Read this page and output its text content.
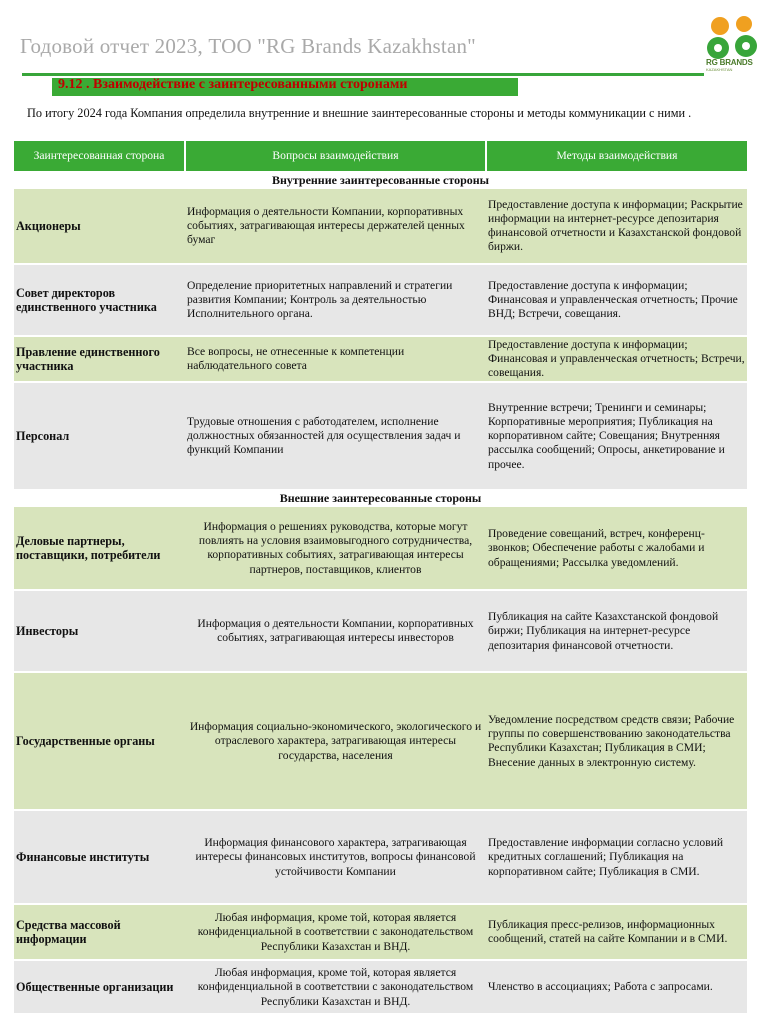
Годовой отчет 2023, ТОО "RG Brands Kazakhstan"
RG BRANDS
KAZAKHSTAN
9.12 . Взаимодействие с заинтересованными сторонами
По итогу 2024 года Компания определила внутренние и внешние заинтересованные стороны и методы коммуникации с ними .
Заинтересованная сторона	Вопросы взаимодействия	Методы взаимодействия
Внутренние заинтересованные стороны		
Акционеры	Информация о деятельности Компании, корпоративных событиях, затрагивающая интересы держателей ценных бумаг	Предоставление доступа к информации; Раскрытие информации на интернет-ресурсе депозитария финансовой отчетности и Казахстанской фондовой биржи.
Совет директоров единственного участника	Определение приоритетных направлений и стратегии развития Компании; Контроль за деятельностью Исполнительного органа.	Предоставление доступа к информации; Финансовая и управленческая отчетность; Прочие ВНД; Встречи, совещания.
Правление единственного участника	Все вопросы, не отнесенные к компетенции наблюдательного совета	Предоставление доступа к информации; Финансовая и управленческая отчетность; Встречи, совещания.
Персонал	Трудовые отношения с работодателем, исполнение должностных обязанностей для осуществления задач и функций Компании	Внутренние встречи; Тренинги и семинары; Корпоративные мероприятия; Публикация на корпоративном сайте; Совещания; Внутренняя рассылка сообщений; Опросы, анкетирование и прочее.
Внешние заинтересованные стороны		
Деловые партнеры, поставщики, потребители	Информация о решениях руководства, которые могут повлиять на условия взаимовыгодного сотрудничества, корпоративных событиях, затрагивающая интересы партнеров, поставщиков, клиентов	Проведение совещаний, встреч, конференц-звонков; Обеспечение работы с жалобами и обращениями; Рассылка уведомлений.
Инвесторы	Информация о деятельности Компании, корпоративных событиях, затрагивающая интересы инвесторов	Публикация на сайте Казахстанской фондовой биржи; Публикация на интернет-ресурсе депозитария финансовой отчетности.
Государственные органы	Информация социально-экономического, экологического и отраслевого характера, затрагивающая интересы государства, населения	Уведомление посредством средств связи; Рабочие группы по совершенствованию законодательства Республики Казахстан; Публикация в СМИ; Внесение данных в электронную систему.
Финансовые институты	Информация финансового характера, затрагивающая интересы финансовых институтов, вопросы финансовой устойчивости Компании	Предоставление информации согласно условий кредитных соглашений; Публикация на корпоративном сайте; Публикация в СМИ.
Средства массовой информации	Любая информация, кроме той, которая является конфиденциальной в соответствии с законодательством Республики Казахстан и ВНД.	Публикация пресс-релизов, информационных сообщений, статей на сайте Компании и в СМИ.
Общественные организации	Любая информация, кроме той, которая является конфиденциальной в соответствии с законодательством Республики Казахстан и ВНД.	Членство в ассоциациях; Работа с запросами.
